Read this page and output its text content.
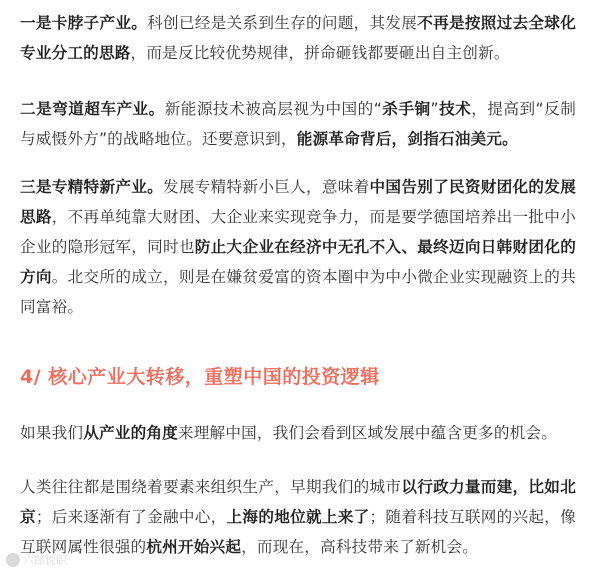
一是卡脖子产业。科创已经是关系到生存的问题，其发展不再是按照过去全球化专业分工的思路，而是反比较优势规律，拼命砸钱都要砸出自主创新。

二是弯道超车产业。新能源技术被高层视为中国的“杀手锏”技术，提高到“反制与威慑外方”的战略地位。还要意识到，能源革命背后，剑指石油美元。

三是专精特新产业。发展专精特新小巨人，意味着中国告别了民资财团化的发展思路，不再单纯靠大财团、大企业来实现竞争力，而是要学德国培养出一批中小企业的隐形冠军，同时也防止大企业在经济中无孔不入、最终迈向日韩财团化的方向。北交所的成立，则是在嫌贫爱富的资本圈中为中小微企业实现融资上的共同富裕。

4/ 核心产业大转移，重塑中国的投资逻辑

如果我们从产业的角度来理解中国，我们会看到区域发展中蕴含更多的机会。

人类往往都是围绕着要素来组织生产，早期我们的城市以行政力量而建，比如北京；后来逐渐有了金融中心，上海的地位就上来了；随着科技互联网的兴起，像互联网属性很强的杭州开始兴起，而现在，高科技带来了新机会。

六郎说职
